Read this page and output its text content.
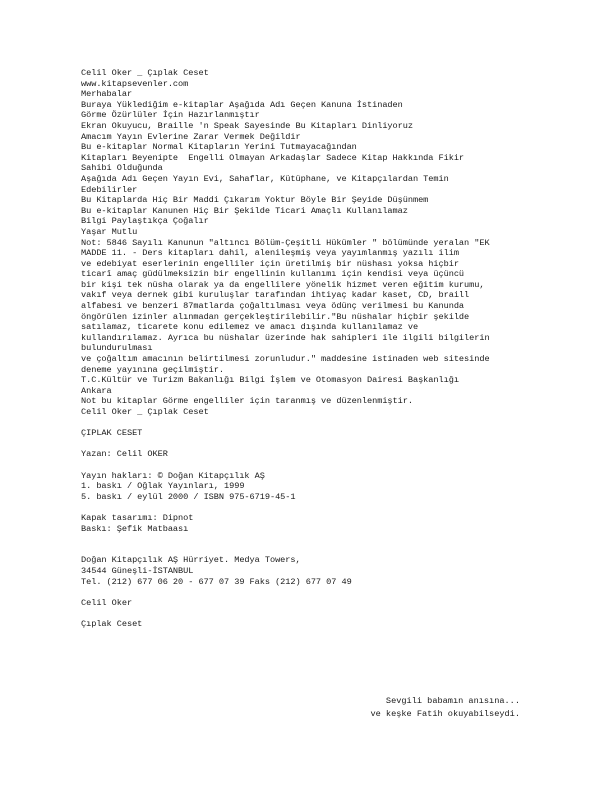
Celil Oker _ Çıplak Ceset
www.kitapsevenler.com
Merhabalar
Buraya Yüklediğim e-kitaplar Aşağıda Adı Geçen Kanuna İstinaden
Görme Özürlüler İçin Hazırlanmıştır
Ekran Okuyucu, Braille 'n Speak Sayesinde Bu Kitapları Dinliyoruz
Amacım Yayın Evlerine Zarar Vermek Değildir
Bu e-kitaplar Normal Kitapların Yerini Tutmayacağından
Kitapları Beyenipte  Engelli Olmayan Arkadaşlar Sadece Kitap Hakkında Fikir
Sahibi Olduğunda
Aşağıda Adı Geçen Yayın Evi, Sahaflar, Kütüphane, ve Kitapçılardan Temin
Edebilirler
Bu Kitaplarda Hiç Bir Maddi Çıkarım Yoktur Böyle Bir Şeyide Düşünmem
Bu e-kitaplar Kanunen Hiç Bir Şekilde Ticari Amaçlı Kullanılamaz
Bilgi Paylaştıkça Çoğalır
Yaşar Mutlu
Not: 5846 Sayılı Kanunun "altıncı Bölüm-Çeşitli Hükümler " bölümünde yeralan "EK
MADDE 11. - Ders kitapları dahil, alenileşmiş veya yayımlanmış yazılı ilim
ve edebiyat eserlerinin engelliler için üretilmiş bir nüshası yoksa hiçbir
ticarî amaç güdülmeksizin bir engellinin kullanımı için kendisi veya üçüncü
bir kişi tek nüsha olarak ya da engellilere yönelik hizmet veren eğitim kurumu,
vakıf veya dernek gibi kuruluşlar tarafından ihtiyaç kadar kaset, CD, braill
alfabesi ve benzeri 87matlarda çoğaltılması veya ödünç verilmesi bu Kanunda
öngörülen izinler alınmadan gerçekleştirilebilir."Bu nüshalar hiçbir şekilde
satılamaz, ticarete konu edilemez ve amacı dışında kullanılamaz ve
kullandırılamaz. Ayrıca bu nüshalar üzerinde hak sahipleri ile ilgili bilgilerin
bulundurulması
ve çoğaltım amacının belirtilmesi zorunludur." maddesine istinaden web sitesinde
deneme yayınına geçilmiştir.
T.C.Kültür ve Turizm Bakanlığı Bilgi İşlem ve Otomasyon Dairesi Başkanlığı
Ankara
Not bu kitaplar Görme engelliler için taranmış ve düzenlenmiştir.
Celil Oker _ Çıplak Ceset
ÇIPLAK CESET
Yazan: Celil OKER
Yayın hakları: © Doğan Kitapçılık AŞ
1. baskı / Oğlak Yayınları, 1999
5. baskı / eylül 2000 / ISBN 975-6719-45-1
Kapak tasarımı: Dipnot
Baskı: Şefik Matbaası
Doğan Kitapçılık AŞ Hürriyet. Medya Towers,
34544 Güneşli-İSTANBUL
Tel. (212) 677 06 20 - 677 07 39 Faks (212) 677 07 49
Celil Oker
Çıplak Ceset
Sevgili babamın anısına...
ve keşke Fatih okuyabilseydi.
